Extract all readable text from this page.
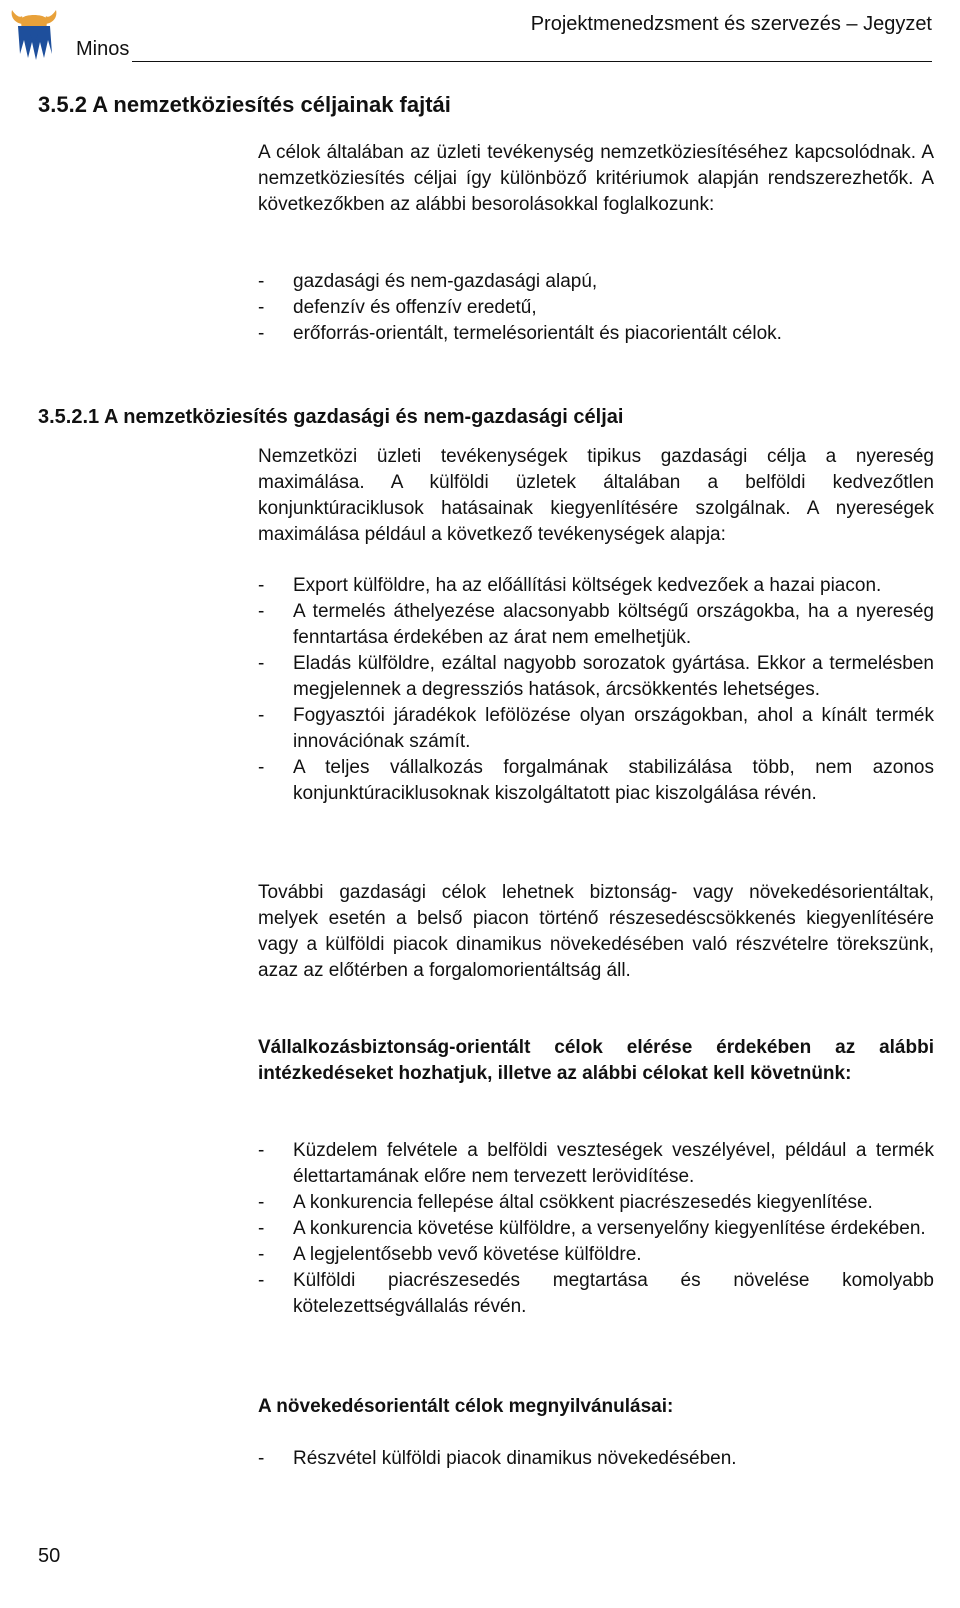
Minos
Projektmenedzsment és szervezés – Jegyzet
3.5.2 A nemzetköziesítés céljainak fajtái
A célok általában az üzleti tevékenység nemzetköziesítéséhez kapcsolódnak. A nemzetköziesítés céljai így különböző kritériumok alapján rendszerezhetők. A következőkben az alábbi besorolásokkal foglalkozunk:
- gazdasági és nem-gazdasági alapú,
- defenzív és offenzív eredetű,
- erőforrás-orientált, termelésorientált és piacorientált célok.
3.5.2.1 A nemzetköziesítés gazdasági és nem-gazdasági céljai
Nemzetközi üzleti tevékenységek tipikus gazdasági célja a nyereség maximálása. A külföldi üzletek általában a belföldi kedvezőtlen konjunktúraciklusok hatásainak kiegyenlítésére szolgálnak. A nyereségek maximálása például a következő tevékenységek alapja:
- Export külföldre, ha az előállítási költségek kedvezőek a hazai piacon.
- A termelés áthelyezése alacsonyabb költségű országokba, ha a nyereség fenntartása érdekében az árat nem emelhetjük.
- Eladás külföldre, ezáltal nagyobb sorozatok gyártása. Ekkor a termelésben megjelennek a degressziós hatások, árcsökkentés lehetséges.
- Fogyasztói járadékok lefölözése olyan országokban, ahol a kínált termék innovációnak számít.
- A teljes vállalkozás forgalmának stabilizálása több, nem azonos konjunktúraciklusoknak kiszolgáltatott piac kiszolgálása révén.
További gazdasági célok lehetnek biztonság- vagy növekedésorientáltak, melyek esetén a belső piacon történő részesedéscsökkenés kiegyenlítésére vagy a külföldi piacok dinamikus növekedésében való részvételre törekszünk, azaz az előtérben a forgalomorientáltság áll.
Vállalkozásbiztonság-orientált célok elérése érdekében az alábbi intézkedéseket hozhatjuk, illetve az alábbi célokat kell követnünk:
- Küzdelem felvétele a belföldi veszteségek veszélyével, például a termék élettartamának előre nem tervezett lerövidítése.
- A konkurencia fellepése által csökkent piacrészesedés kiegyenlítése.
- A konkurencia követése külföldre, a versenyelőny kiegyenlítése érdekében.
- A legjelentősebb vevő követése külföldre.
- Külföldi piacrészesedés megtartása és növelése komolyabb kötelezettségvállalás révén.
A növekedésorientált célok megnyilvánulásai:
- Részvétel külföldi piacok dinamikus növekedésében.
50
